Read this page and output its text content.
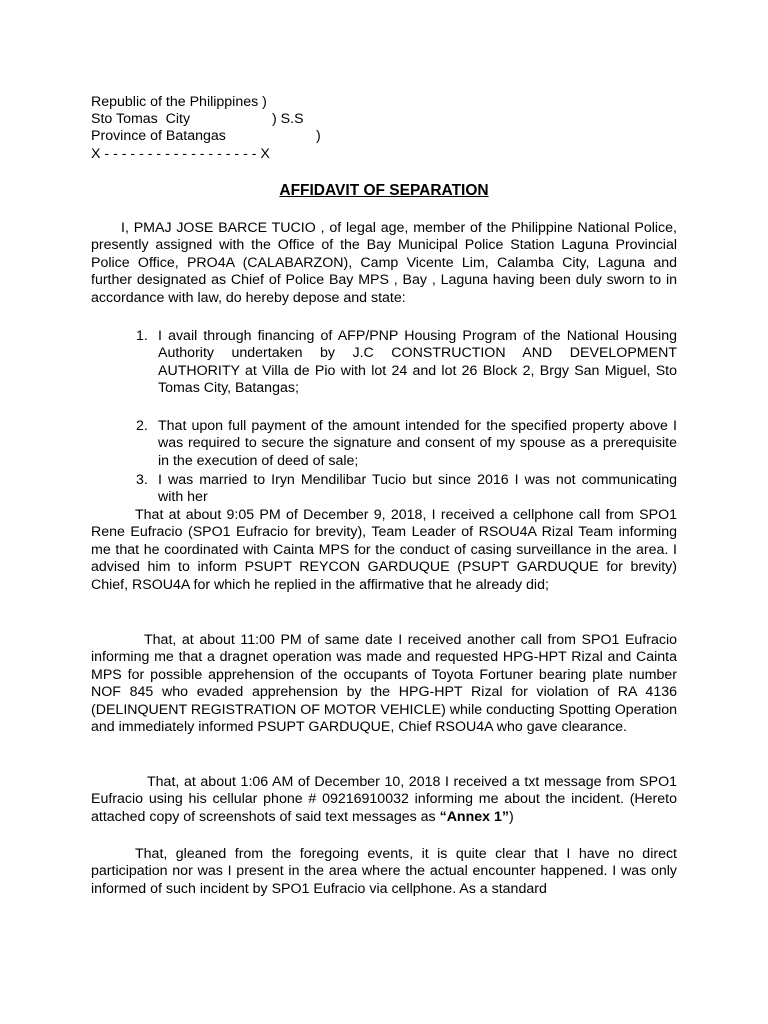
Republic of the Philippines )
Sto Tomas  City	) S.S
Province of Batangas	)
X - - - - - - - - - - - - - - - - - - X
AFFIDAVIT OF SEPARATION
I, PMAJ JOSE BARCE TUCIO , of legal age, member of the Philippine National Police, presently assigned with the Office of the Bay Municipal Police Station Laguna Provincial Police Office, PRO4A (CALABARZON), Camp Vicente Lim, Calamba City, Laguna and further designated as Chief of Police Bay MPS , Bay , Laguna having been duly sworn to in accordance with law, do hereby depose and state:
1. I avail through financing of AFP/PNP Housing Program of the National Housing Authority undertaken by J.C CONSTRUCTION AND DEVELOPMENT AUTHORITY at Villa de Pio with lot 24 and lot 26 Block 2, Brgy San Miguel, Sto Tomas City, Batangas;
2. That upon full payment of the amount intended for the specified property above I was required to secure the signature and consent of my spouse as a prerequisite in the execution of deed of sale;
3. I was married to Iryn Mendilibar Tucio but since 2016 I was not communicating with her
That at about 9:05 PM of December 9, 2018, I received a cellphone call from SPO1 Rene Eufracio (SPO1 Eufracio for brevity), Team Leader of RSOU4A Rizal Team informing me that he coordinated with Cainta MPS for the conduct of casing surveillance in the area. I advised him to inform PSUPT REYCON GARDUQUE (PSUPT GARDUQUE for brevity) Chief, RSOU4A for which he replied in the affirmative that he already did;
That, at about 11:00 PM of same date I received another call from SPO1 Eufracio informing me that a dragnet operation was made and requested HPG-HPT Rizal and Cainta MPS for possible apprehension of the occupants of Toyota Fortuner bearing plate number NOF 845 who evaded apprehension by the HPG-HPT Rizal for violation of RA 4136 (DELINQUENT REGISTRATION OF MOTOR VEHICLE) while conducting Spotting Operation and immediately informed PSUPT GARDUQUE, Chief RSOU4A who gave clearance.
That, at about 1:06 AM of December 10, 2018 I received a txt message from SPO1 Eufracio using his cellular phone # 09216910032 informing me about the incident. (Hereto attached copy of screenshots of said text messages as “Annex 1”)
That, gleaned from the foregoing events, it is quite clear that I have no direct participation nor was I present in the area where the actual encounter happened. I was only informed of such incident by SPO1 Eufracio via cellphone. As a standard
